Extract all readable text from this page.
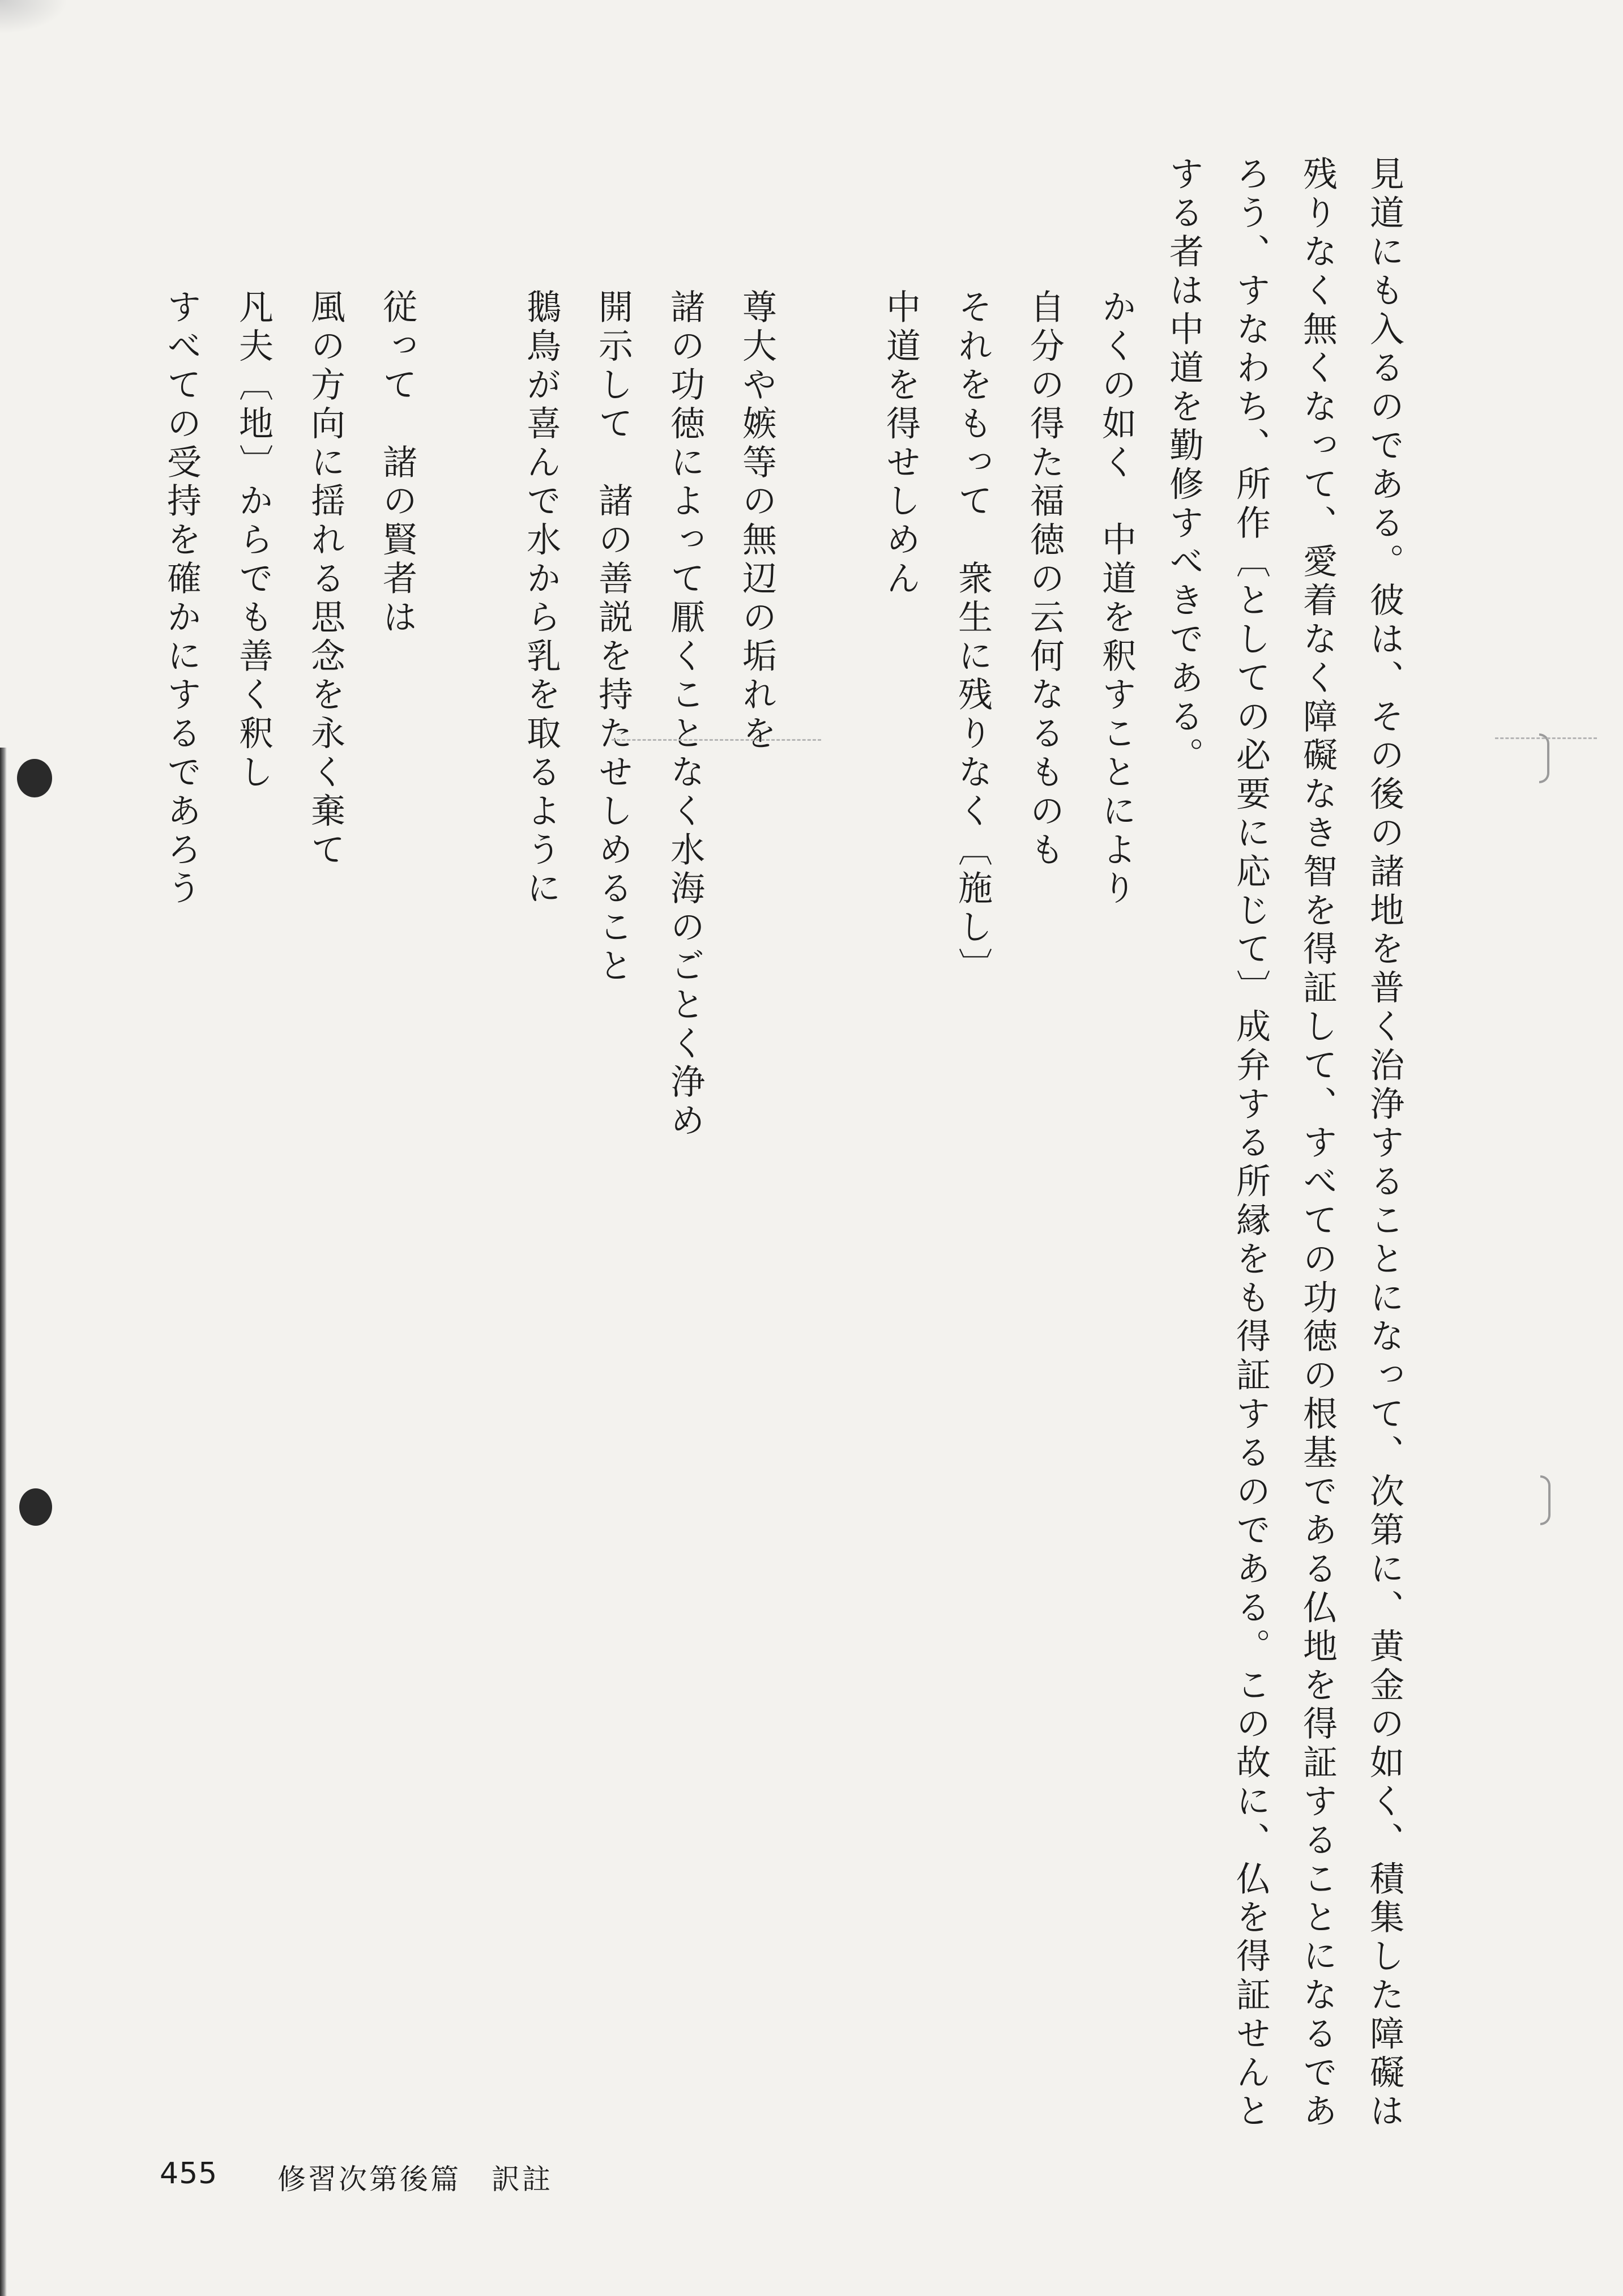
見道にも入るのである。彼は、その後の諸地を普く治浄することになって、次第に、黄金の如く、積集した障礙は
残りなく無くなって、愛着なく障礙なき智を得証して、すべての功徳の根基である仏地を得証することになるであ
ろう、すなわち、所作〔としての必要に応じて〕成弁する所縁をも得証するのである。この故に、仏を得証せんと
する者は中道を勤修すべきである。
かくの如く　中道を釈すことにより
自分の得た福徳の云何なるものも
それをもって　衆生に残りなく〔施し〕
中道を得せしめん
尊大や嫉等の無辺の垢れを
諸の功徳によって厭くことなく水海のごとく浄め
開示して　諸の善説を持たせしめること
鵝鳥が喜んで水から乳を取るように
従って　諸の賢者は
風の方向に揺れる思念を永く棄て
凡夫〔地〕からでも善く釈し
すべての受持を確かにするであろう
455 修習次第後篇　訳註
